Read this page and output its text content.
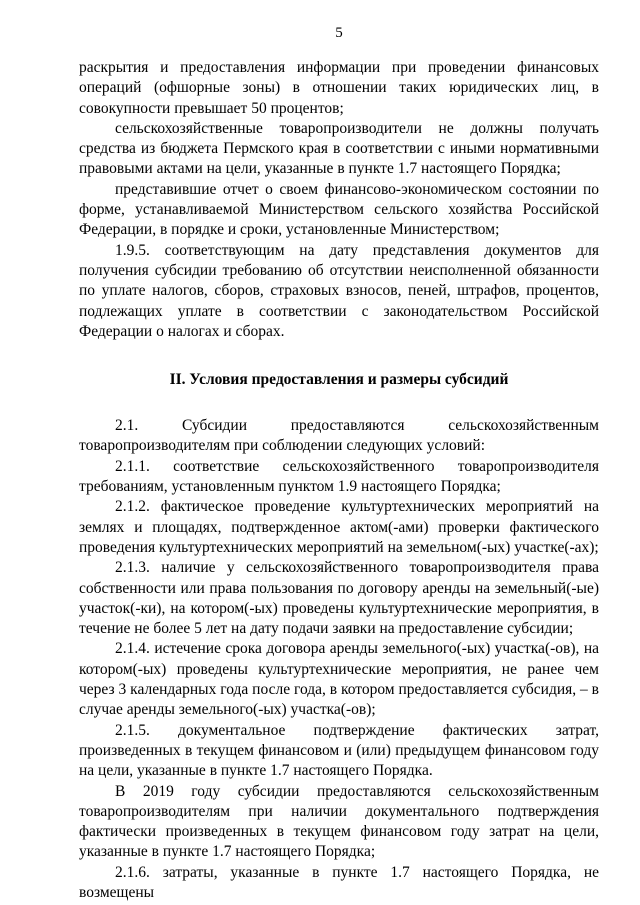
5

раскрытия и предоставления информации при проведении финансовых операций (офшорные зоны) в отношении таких юридических лиц, в совокупности превышает 50 процентов;

сельскохозяйственные товаропроизводители не должны получать средства из бюджета Пермского края в соответствии с иными нормативными правовыми актами на цели, указанные в пункте 1.7 настоящего Порядка;

представившие отчет о своем финансово-экономическом состоянии по форме, устанавливаемой Министерством сельского хозяйства Российской Федерации, в порядке и сроки, установленные Министерством;

1.9.5. соответствующим на дату представления документов для получения субсидии требованию об отсутствии неисполненной обязанности по уплате налогов, сборов, страховых взносов, пеней, штрафов, процентов, подлежащих уплате в соответствии с законодательством Российской Федерации о налогах и сборах.

II. Условия предоставления и размеры субсидий

2.1. Субсидии предоставляются сельскохозяйственным товаропроизводителям при соблюдении следующих условий:

2.1.1. соответствие сельскохозяйственного товаропроизводителя требованиям, установленным пунктом 1.9 настоящего Порядка;

2.1.2. фактическое проведение культуртехнических мероприятий на землях и площадях, подтвержденное актом(-ами) проверки фактического проведения культуртехнических мероприятий на земельном(-ых) участке(-ах);

2.1.3. наличие у сельскохозяйственного товаропроизводителя права собственности или права пользования по договору аренды на земельный(-ые) участок(-ки), на котором(-ых) проведены культуртехнические мероприятия, в течение не более 5 лет на дату подачи заявки на предоставление субсидии;

2.1.4. истечение срока договора аренды земельного(-ых) участка(-ов), на котором(-ых) проведены культуртехнические мероприятия, не ранее чем через 3 календарных года после года, в котором предоставляется субсидия, – в случае аренды земельного(-ых) участка(-ов);

2.1.5. документальное подтверждение фактических затрат, произведенных в текущем финансовом и (или) предыдущем финансовом году на цели, указанные в пункте 1.7 настоящего Порядка.

В 2019 году субсидии предоставляются сельскохозяйственным товаропроизводителям при наличии документального подтверждения фактически произведенных в текущем финансовом году затрат на цели, указанные в пункте 1.7 настоящего Порядка;

2.1.6. затраты, указанные в пункте 1.7 настоящего Порядка, не возмещены
